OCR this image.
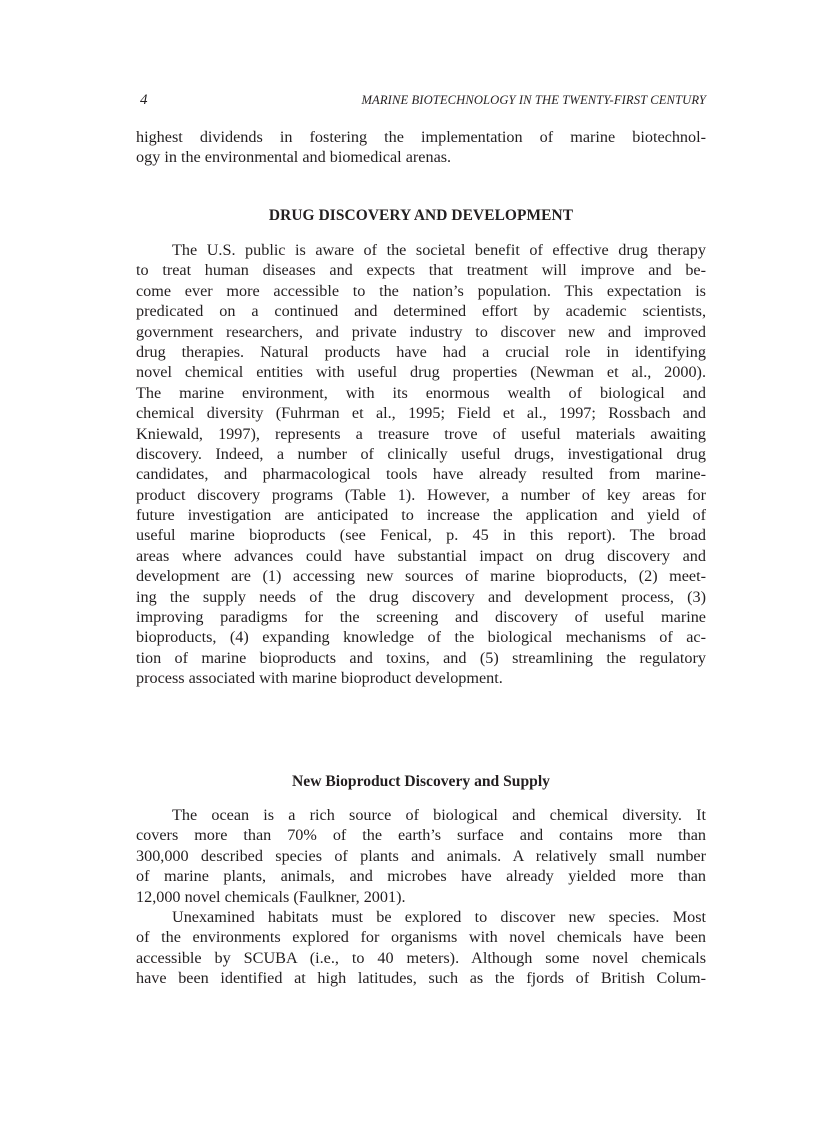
4	MARINE BIOTECHNOLOGY IN THE TWENTY-FIRST CENTURY
highest dividends in fostering the implementation of marine biotechnol-
ogy in the environmental and biomedical arenas.
DRUG DISCOVERY AND DEVELOPMENT
The U.S. public is aware of the societal benefit of effective drug therapy
to treat human diseases and expects that treatment will improve and be-
come ever more accessible to the nation’s population. This expectation is
predicated on a continued and determined effort by academic scientists,
government researchers, and private industry to discover new and improved
drug therapies. Natural products have had a crucial role in identifying
novel chemical entities with useful drug properties (Newman et al., 2000).
The marine environment, with its enormous wealth of biological and
chemical diversity (Fuhrman et al., 1995; Field et al., 1997; Rossbach and
Kniewald, 1997), represents a treasure trove of useful materials awaiting
discovery. Indeed, a number of clinically useful drugs, investigational drug
candidates, and pharmacological tools have already resulted from marine-
product discovery programs (Table 1). However, a number of key areas for
future investigation are anticipated to increase the application and yield of
useful marine bioproducts (see Fenical, p. 45 in this report). The broad
areas where advances could have substantial impact on drug discovery and
development are (1) accessing new sources of marine bioproducts, (2) meet-
ing the supply needs of the drug discovery and development process, (3)
improving paradigms for the screening and discovery of useful marine
bioproducts, (4) expanding knowledge of the biological mechanisms of ac-
tion of marine bioproducts and toxins, and (5) streamlining the regulatory
process associated with marine bioproduct development.
New Bioproduct Discovery and Supply
The ocean is a rich source of biological and chemical diversity. It
covers more than 70% of the earth’s surface and contains more than
300,000 described species of plants and animals. A relatively small number
of marine plants, animals, and microbes have already yielded more than
12,000 novel chemicals (Faulkner, 2001).
Unexamined habitats must be explored to discover new species. Most
of the environments explored for organisms with novel chemicals have been
accessible by SCUBA (i.e., to 40 meters). Although some novel chemicals
have been identified at high latitudes, such as the fjords of British Colum-
